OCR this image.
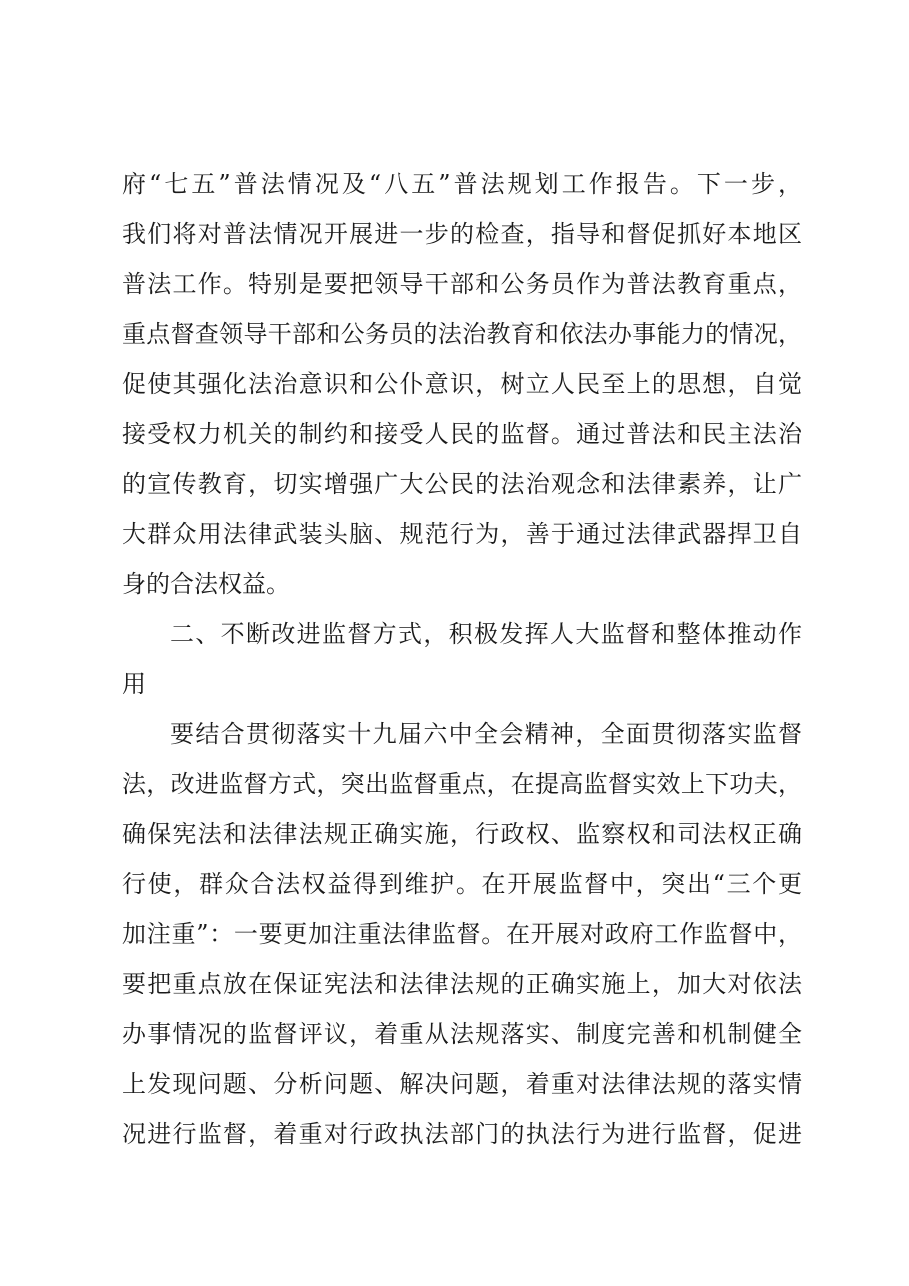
府“七五”普法情况及“八五”普法规划工作报告。下一步，
我们将对普法情况开展进一步的检查，指导和督促抓好本地区
普法工作。特别是要把领导干部和公务员作为普法教育重点，
重点督查领导干部和公务员的法治教育和依法办事能力的情况，
促使其强化法治意识和公仆意识，树立人民至上的思想，自觉
接受权力机关的制约和接受人民的监督。通过普法和民主法治
的宣传教育，切实增强广大公民的法治观念和法律素养，让广
大群众用法律武装头脑、规范行为，善于通过法律武器捍卫自
身的合法权益。
二、不断改进监督方式，积极发挥人大监督和整体推动作
用
要结合贯彻落实十九届六中全会精神，全面贯彻落实监督
法，改进监督方式，突出监督重点，在提高监督实效上下功夫，
确保宪法和法律法规正确实施，行政权、监察权和司法权正确
行使，群众合法权益得到维护。在开展监督中，突出“三个更
加注重”：一要更加注重法律监督。在开展对政府工作监督中，
要把重点放在保证宪法和法律法规的正确实施上，加大对依法
办事情况的监督评议，着重从法规落实、制度完善和机制健全
上发现问题、分析问题、解决问题，着重对法律法规的落实情
况进行监督，着重对行政执法部门的执法行为进行监督，促进
